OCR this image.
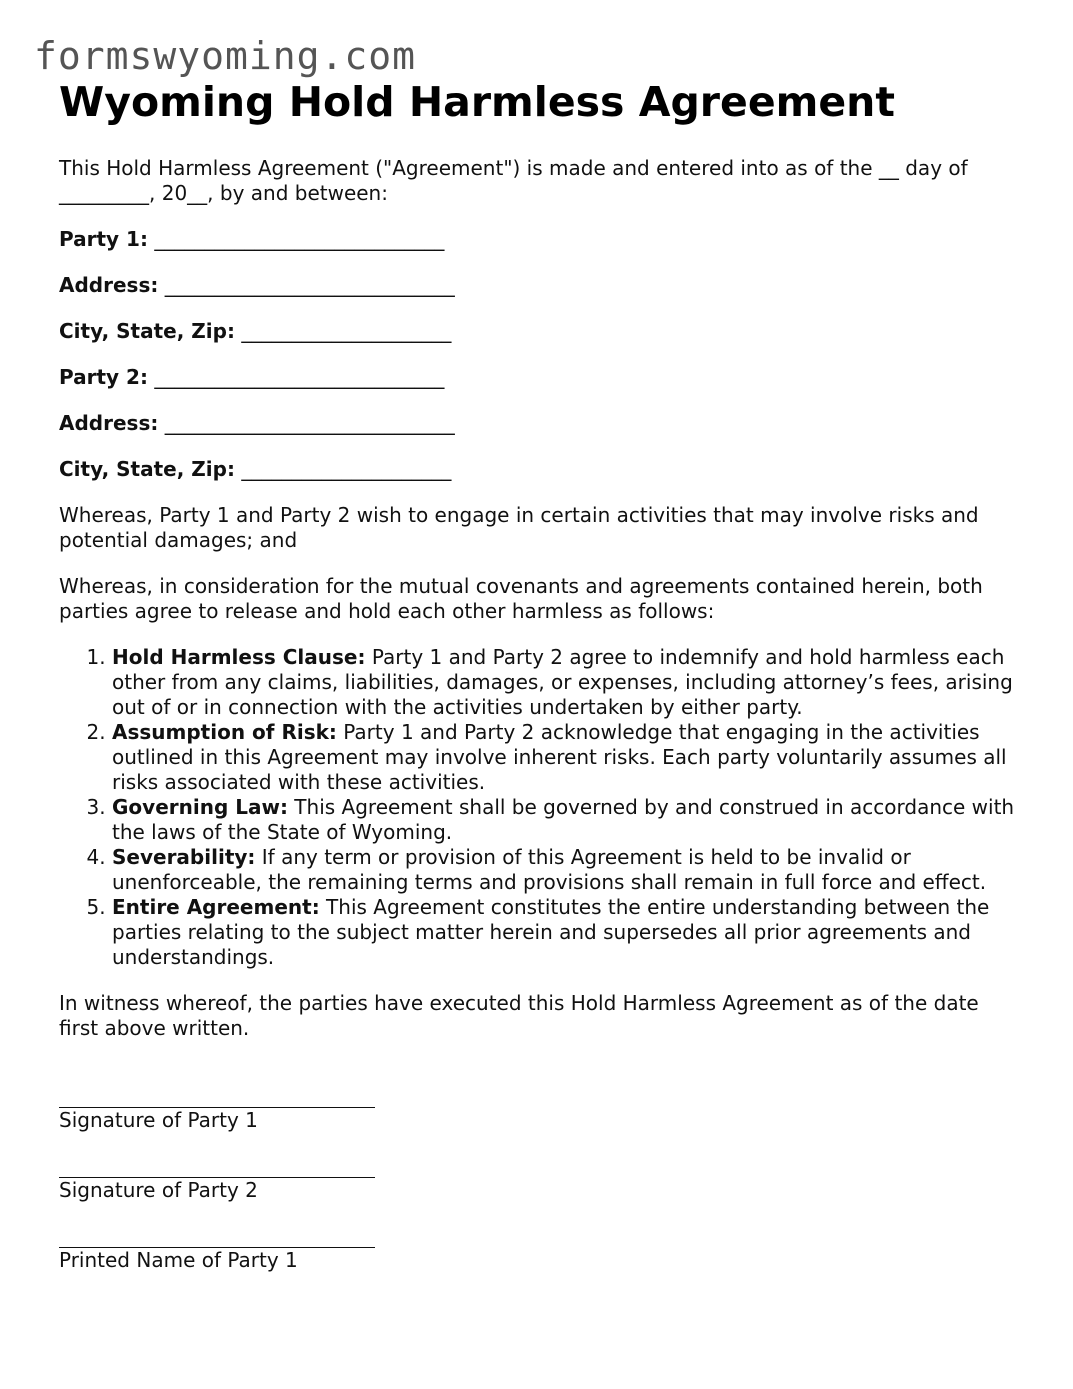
formswyoming.com
Wyoming Hold Harmless Agreement

This Hold Harmless Agreement ("Agreement") is made and entered into as of the __ day of _________, 20__, by and between:

Party 1: _____________________________

Address: _____________________________

City, State, Zip: _____________________

Party 2: _____________________________

Address: _____________________________

City, State, Zip: _____________________

Whereas, Party 1 and Party 2 wish to engage in certain activities that may involve risks and potential damages; and

Whereas, in consideration for the mutual covenants and agreements contained herein, both parties agree to release and hold each other harmless as follows:

1. Hold Harmless Clause: Party 1 and Party 2 agree to indemnify and hold harmless each other from any claims, liabilities, damages, or expenses, including attorney’s fees, arising out of or in connection with the activities undertaken by either party.
2. Assumption of Risk: Party 1 and Party 2 acknowledge that engaging in the activities outlined in this Agreement may involve inherent risks. Each party voluntarily assumes all risks associated with these activities.
3. Governing Law: This Agreement shall be governed by and construed in accordance with the laws of the State of Wyoming.
4. Severability: If any term or provision of this Agreement is held to be invalid or unenforceable, the remaining terms and provisions shall remain in full force and effect.
5. Entire Agreement: This Agreement constitutes the entire understanding between the parties relating to the subject matter herein and supersedes all prior agreements and understandings.

In witness whereof, the parties have executed this Hold Harmless Agreement as of the date first above written.

Signature of Party 1
Signature of Party 2
Printed Name of Party 1
